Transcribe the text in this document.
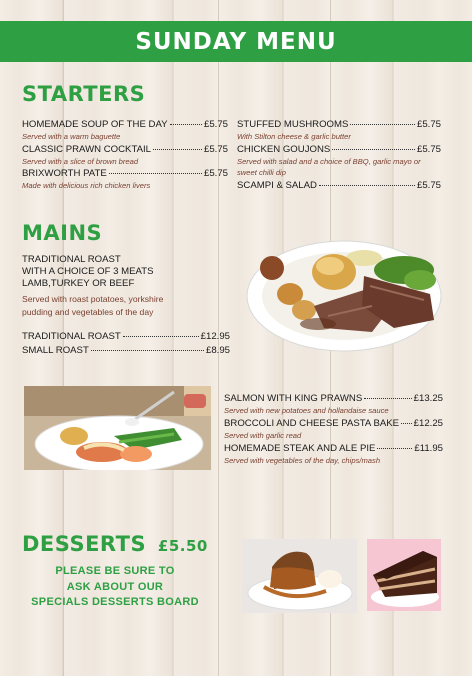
SUNDAY MENU
STARTERS
HOMEMADE SOUP OF THE DAY	£5.75
Served with a warm baguette
CLASSIC PRAWN COCKTAIL	£5.75
Served with a slice of brown bread
BRIXWORTH PATE	£5.75
Made with delicious rich chicken livers
STUFFED MUSHROOMS	£5.75
With Stilton cheese & garlic butter
CHICKEN GOUJONS	£5.75
Served with salad and a choice of BBQ, garlic mayo or
sweet chilli dip
SCAMPI & SALAD	£5.75
MAINS
TRADITIONAL ROAST
WITH A CHOICE OF 3 MEATS
LAMB,TURKEY OR BEEF
Served with roast potatoes, yorkshire
pudding and vegetables of the day
TRADITIONAL ROAST	£12.95
SMALL ROAST	£8.95
SALMON WITH KING PRAWNS	£13.25
Served with new potatoes and hollandaise sauce
BROCCOLI AND CHEESE PASTA BAKE £12.25
Served with garlic read
HOMEMADE STEAK AND ALE PIE	£11.95
Served with vegetables of the day, chips/mash
DESSERTS £5.50
PLEASE BE SURE TO
ASK ABOUT OUR
SPECIALS DESSERTS BOARD
